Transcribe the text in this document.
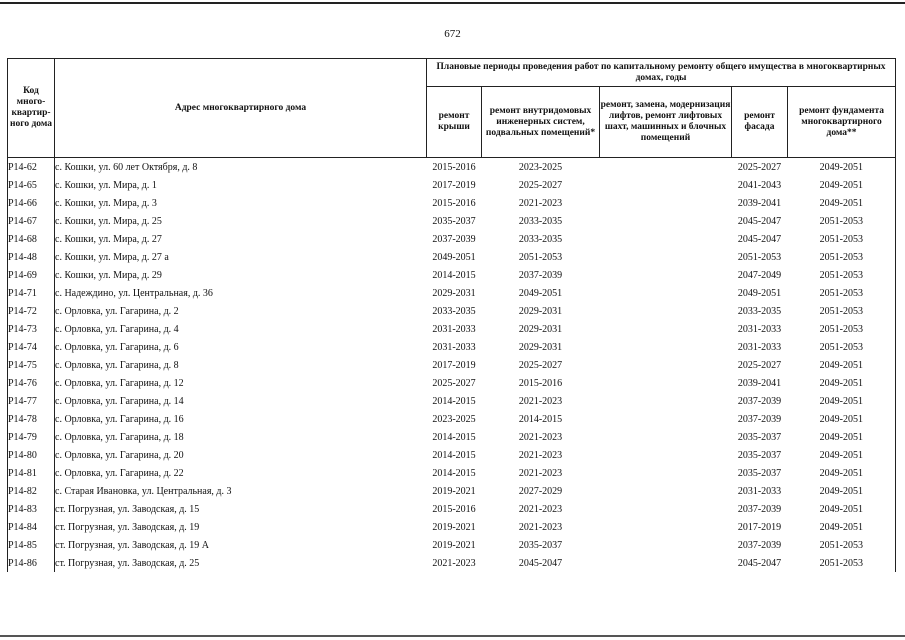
672
Код много-квартир-ного дома	Адрес многоквартирного дома	Плановые периоды проведения работ по капитальному ремонту общего имущества в многоквартирных домах, годы				
		ремонт крыши	ремонт внутридомовых инженерных систем, подвальных помещений*	ремонт, замена, модернизация лифтов, ремонт лифтовых шахт, машинных и блочных помещений	ремонт фасада	ремонт фундамента многоквартирного дома**
Р14-62	с. Кошки, ул. 60 лет Октября, д. 8	2015-2016	2023-2025		2025-2027	2049-2051
Р14-65	с. Кошки, ул. Мира, д. 1	2017-2019	2025-2027		2041-2043	2049-2051
Р14-66	с. Кошки, ул. Мира, д. 3	2015-2016	2021-2023		2039-2041	2049-2051
Р14-67	с. Кошки, ул. Мира, д. 25	2035-2037	2033-2035		2045-2047	2051-2053
Р14-68	с. Кошки, ул. Мира, д. 27	2037-2039	2033-2035		2045-2047	2051-2053
Р14-48	с. Кошки, ул. Мира, д. 27 а	2049-2051	2051-2053		2051-2053	2051-2053
Р14-69	с. Кошки, ул. Мира, д. 29	2014-2015	2037-2039		2047-2049	2051-2053
Р14-71	с. Надеждино, ул. Центральная, д. 36	2029-2031	2049-2051		2049-2051	2051-2053
Р14-72	с. Орловка, ул. Гагарина, д. 2	2033-2035	2029-2031		2033-2035	2051-2053
Р14-73	с. Орловка, ул. Гагарина, д. 4	2031-2033	2029-2031		2031-2033	2051-2053
Р14-74	с. Орловка, ул. Гагарина, д. 6	2031-2033	2029-2031		2031-2033	2051-2053
Р14-75	с. Орловка, ул. Гагарина, д. 8	2017-2019	2025-2027		2025-2027	2049-2051
Р14-76	с. Орловка, ул. Гагарина, д. 12	2025-2027	2015-2016		2039-2041	2049-2051
Р14-77	с. Орловка, ул. Гагарина, д. 14	2014-2015	2021-2023		2037-2039	2049-2051
Р14-78	с. Орловка, ул. Гагарина, д. 16	2023-2025	2014-2015		2037-2039	2049-2051
Р14-79	с. Орловка, ул. Гагарина, д. 18	2014-2015	2021-2023		2035-2037	2049-2051
Р14-80	с. Орловка, ул. Гагарина, д. 20	2014-2015	2021-2023		2035-2037	2049-2051
Р14-81	с. Орловка, ул. Гагарина, д. 22	2014-2015	2021-2023		2035-2037	2049-2051
Р14-82	с. Старая Ивановка, ул. Центральная, д. 3	2019-2021	2027-2029		2031-2033	2049-2051
Р14-83	ст. Погрузная, ул. Заводская, д. 15	2015-2016	2021-2023		2037-2039	2049-2051
Р14-84	ст. Погрузная, ул. Заводская, д. 19	2019-2021	2021-2023		2017-2019	2049-2051
Р14-85	ст. Погрузная, ул. Заводская, д. 19 А	2019-2021	2035-2037		2037-2039	2051-2053
Р14-86	ст. Погрузная, ул. Заводская, д. 25	2021-2023	2045-2047		2045-2047	2051-2053
